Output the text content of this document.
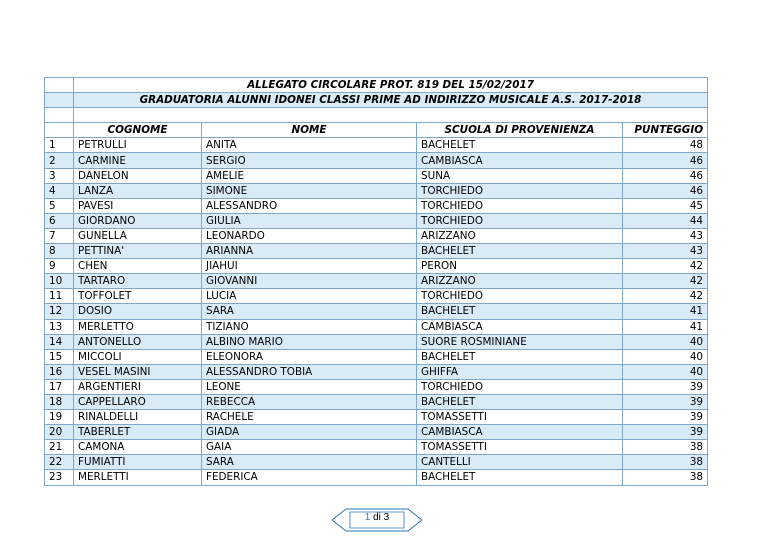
	ALLEGATO CIRCOLARE PROT. 819 DEL 15/02/2017			
	GRADUATORIA ALUNNI IDONEI CLASSI PRIME AD INDIRIZZO MUSICALE A.S. 2017-2018			

	COGNOME	NOME	SCUOLA DI PROVENIENZA	PUNTEGGIO
1	PETRULLI	ANITA	BACHELET	48
2	CARMINE	SERGIO	CAMBIASCA	46
3	DANELON	AMELIE	SUNA	46
4	LANZA	SIMONE	TORCHIEDO	46
5	PAVESI	ALESSANDRO	TORCHIEDO	45
6	GIORDANO	GIULIA	TORCHIEDO	44
7	GUNELLA	LEONARDO	ARIZZANO	43
8	PETTINA'	ARIANNA	BACHELET	43
9	CHEN	JIAHUI	PERON	42
10	TARTARO	GIOVANNI	ARIZZANO	42
11	TOFFOLET	LUCIA	TORCHIEDO	42
12	DOSIO	SARA	BACHELET	41
13	MERLETTO	TIZIANO	CAMBIASCA	41
14	ANTONELLO	ALBINO MARIO	SUORE ROSMINIANE	40
15	MICCOLI	ELEONORA	BACHELET	40
16	VESEL MASINI	ALESSANDRO TOBIA	GHIFFA	40
17	ARGENTIERI	LEONE	TORCHIEDO	39
18	CAPPELLARO	REBECCA	BACHELET	39
19	RINALDELLI	RACHELE	TOMASSETTI	39
20	TABERLET	GIADA	CAMBIASCA	39
21	CAMONA	GAIA	TOMASSETTI	38
22	FUMIATTI	SARA	CANTELLI	38
23	MERLETTI	FEDERICA	BACHELET	38
1 di 3
